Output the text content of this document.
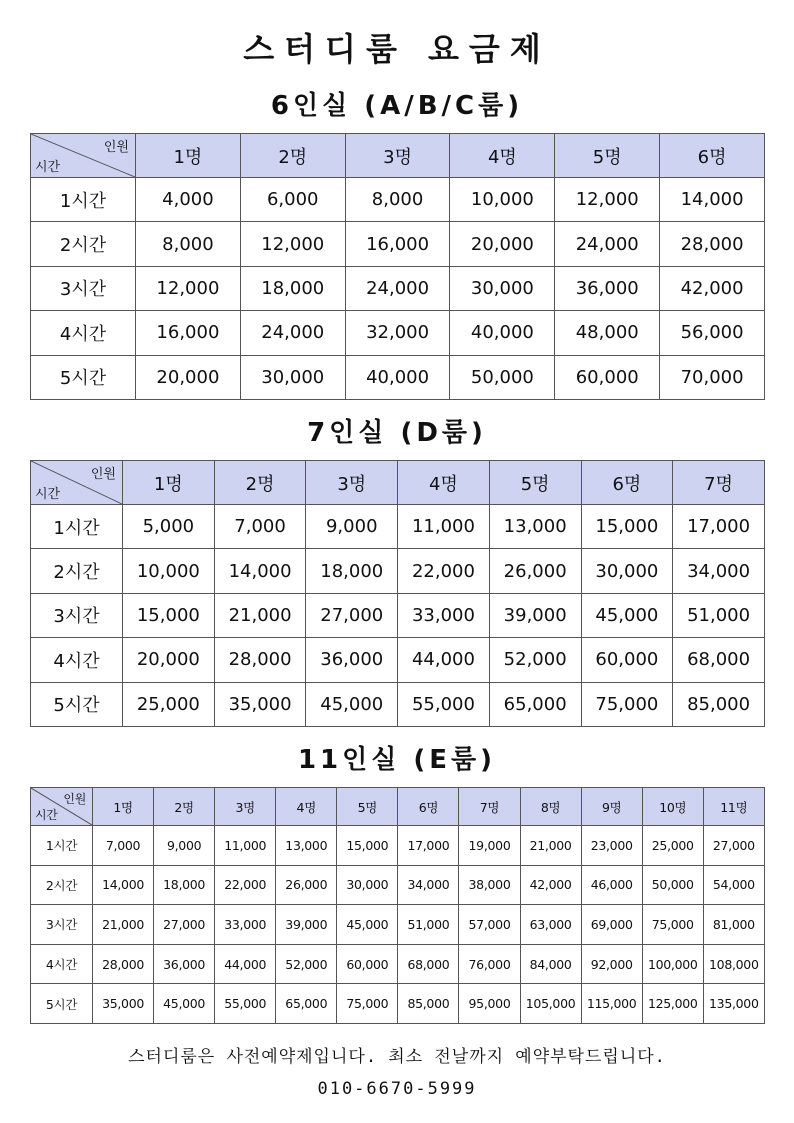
스터디룸 요금제
6인실 (A/B/C룸)
인원
시간	1명	2명	3명	4명	5명	6명
1시간	4,000	6,000	8,000	10,000	12,000	14,000
2시간	8,000	12,000	16,000	20,000	24,000	28,000
3시간	12,000	18,000	24,000	30,000	36,000	42,000
4시간	16,000	24,000	32,000	40,000	48,000	56,000
5시간	20,000	30,000	40,000	50,000	60,000	70,000
7인실 (D룸)
인원
시간	1명	2명	3명	4명	5명	6명	7명
1시간	5,000	7,000	9,000	11,000	13,000	15,000	17,000
2시간	10,000	14,000	18,000	22,000	26,000	30,000	34,000
3시간	15,000	21,000	27,000	33,000	39,000	45,000	51,000
4시간	20,000	28,000	36,000	44,000	52,000	60,000	68,000
5시간	25,000	35,000	45,000	55,000	65,000	75,000	85,000
11인실 (E룸)
인원
시간	1명	2명	3명	4명	5명	6명	7명	8명	9명	10명	11명
1시간	7,000	9,000	11,000	13,000	15,000	17,000	19,000	21,000	23,000	25,000	27,000
2시간	14,000	18,000	22,000	26,000	30,000	34,000	38,000	42,000	46,000	50,000	54,000
3시간	21,000	27,000	33,000	39,000	45,000	51,000	57,000	63,000	69,000	75,000	81,000
4시간	28,000	36,000	44,000	52,000	60,000	68,000	76,000	84,000	92,000	100,000	108,000
5시간	35,000	45,000	55,000	65,000	75,000	85,000	95,000	105,000	115,000	125,000	135,000
스터디룸은 사전예약제입니다. 최소 전날까지 예약부탁드립니다.
010-6670-5999
